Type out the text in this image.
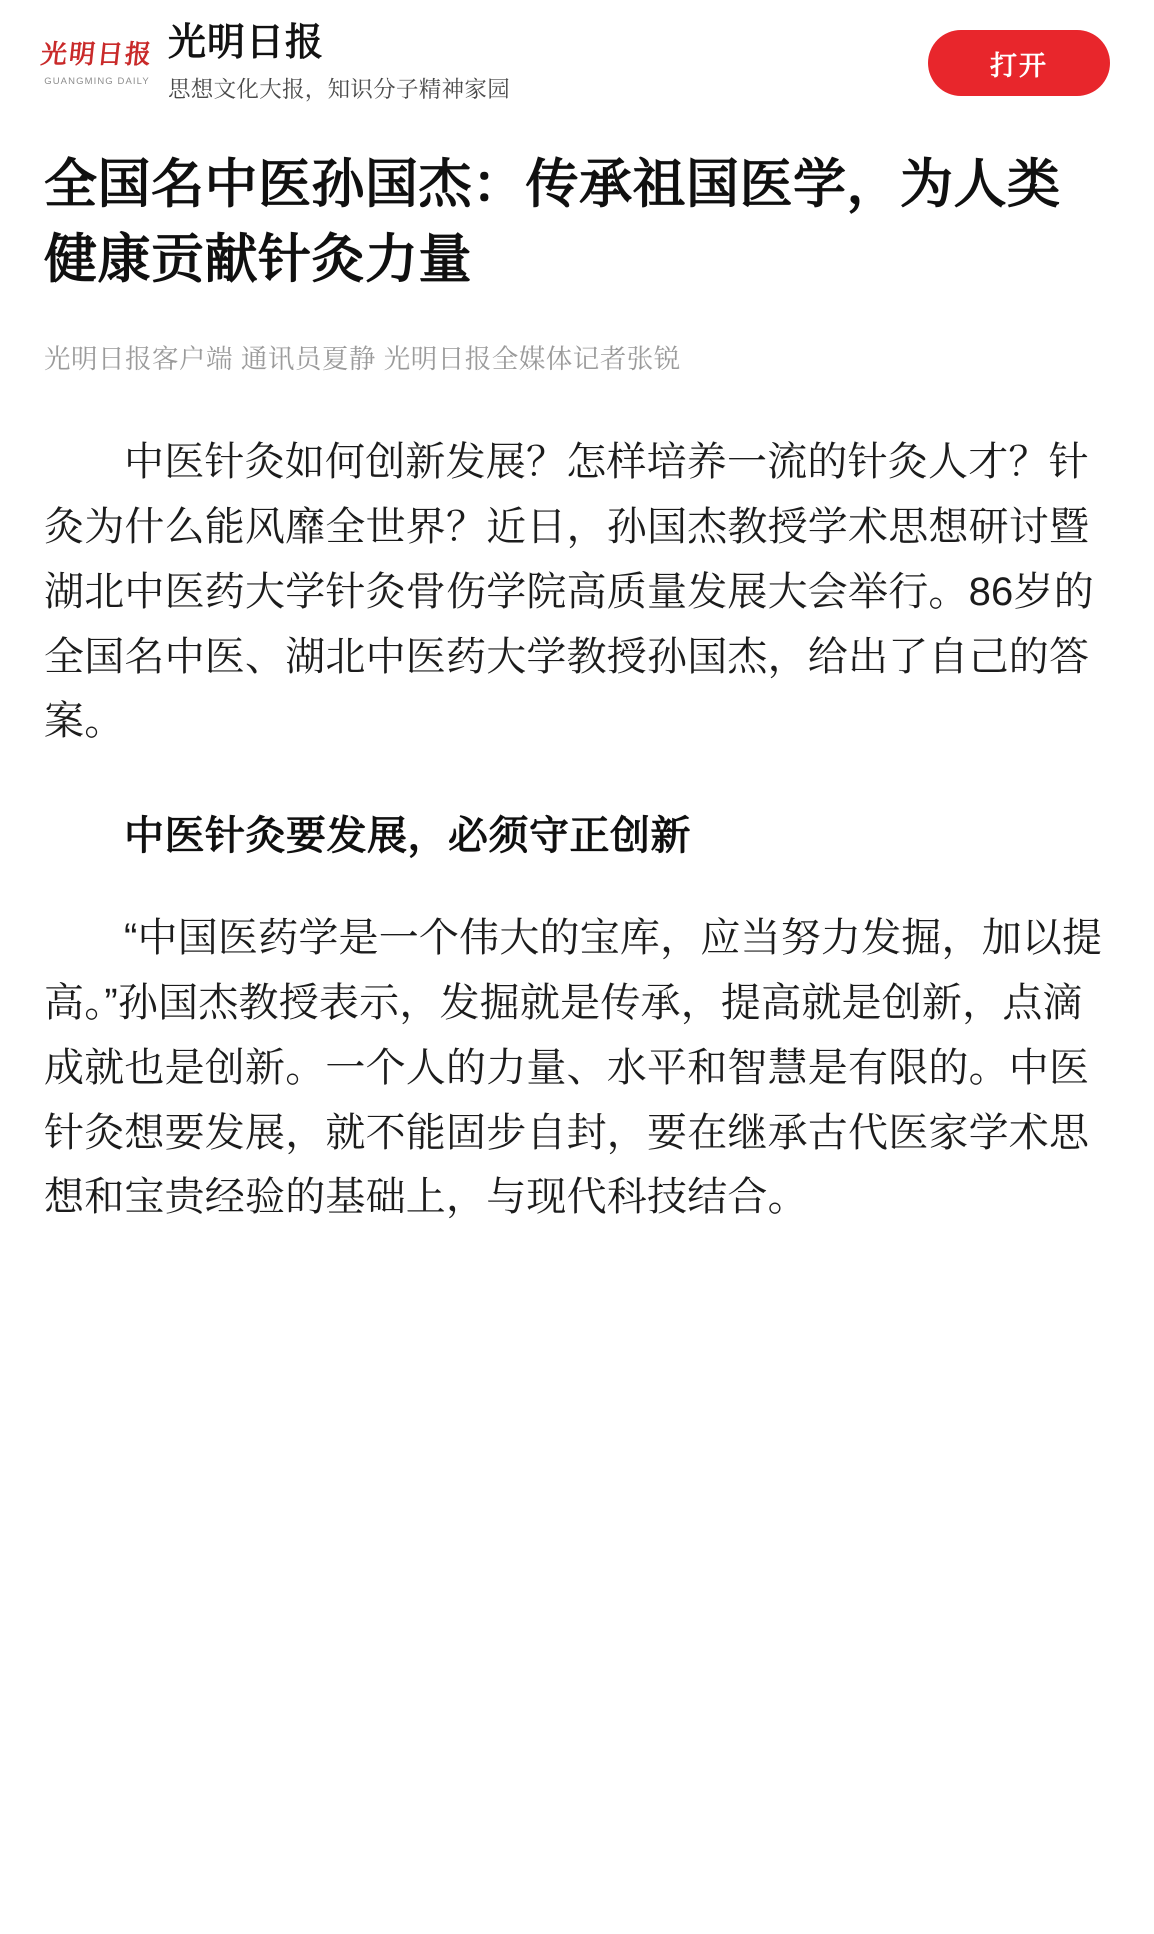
光明日报
GUANGMING DAILY
光明日报
思想文化大报，知识分子精神家园
打开
全国名中医孙国杰：传承祖国医学，为人类健康贡献针灸力量
光明日报客户端 通讯员夏静 光明日报全媒体记者张锐

中医针灸如何创新发展？怎样培养一流的针灸人才？针灸为什么能风靡全世界？近日，孙国杰教授学术思想研讨暨湖北中医药大学针灸骨伤学院高质量发展大会举行。86岁的全国名中医、湖北中医药大学教授孙国杰，给出了自己的答案。

中医针灸要发展，必须守正创新

“中国医药学是一个伟大的宝库，应当努力发掘，加以提高。”孙国杰教授表示，发掘就是传承，提高就是创新，点滴成就也是创新。一个人的力量、水平和智慧是有限的。中医针灸想要发展，就不能固步自封，要在继承古代医家学术思想和宝贵经验的基础上，与现代科技结合。
